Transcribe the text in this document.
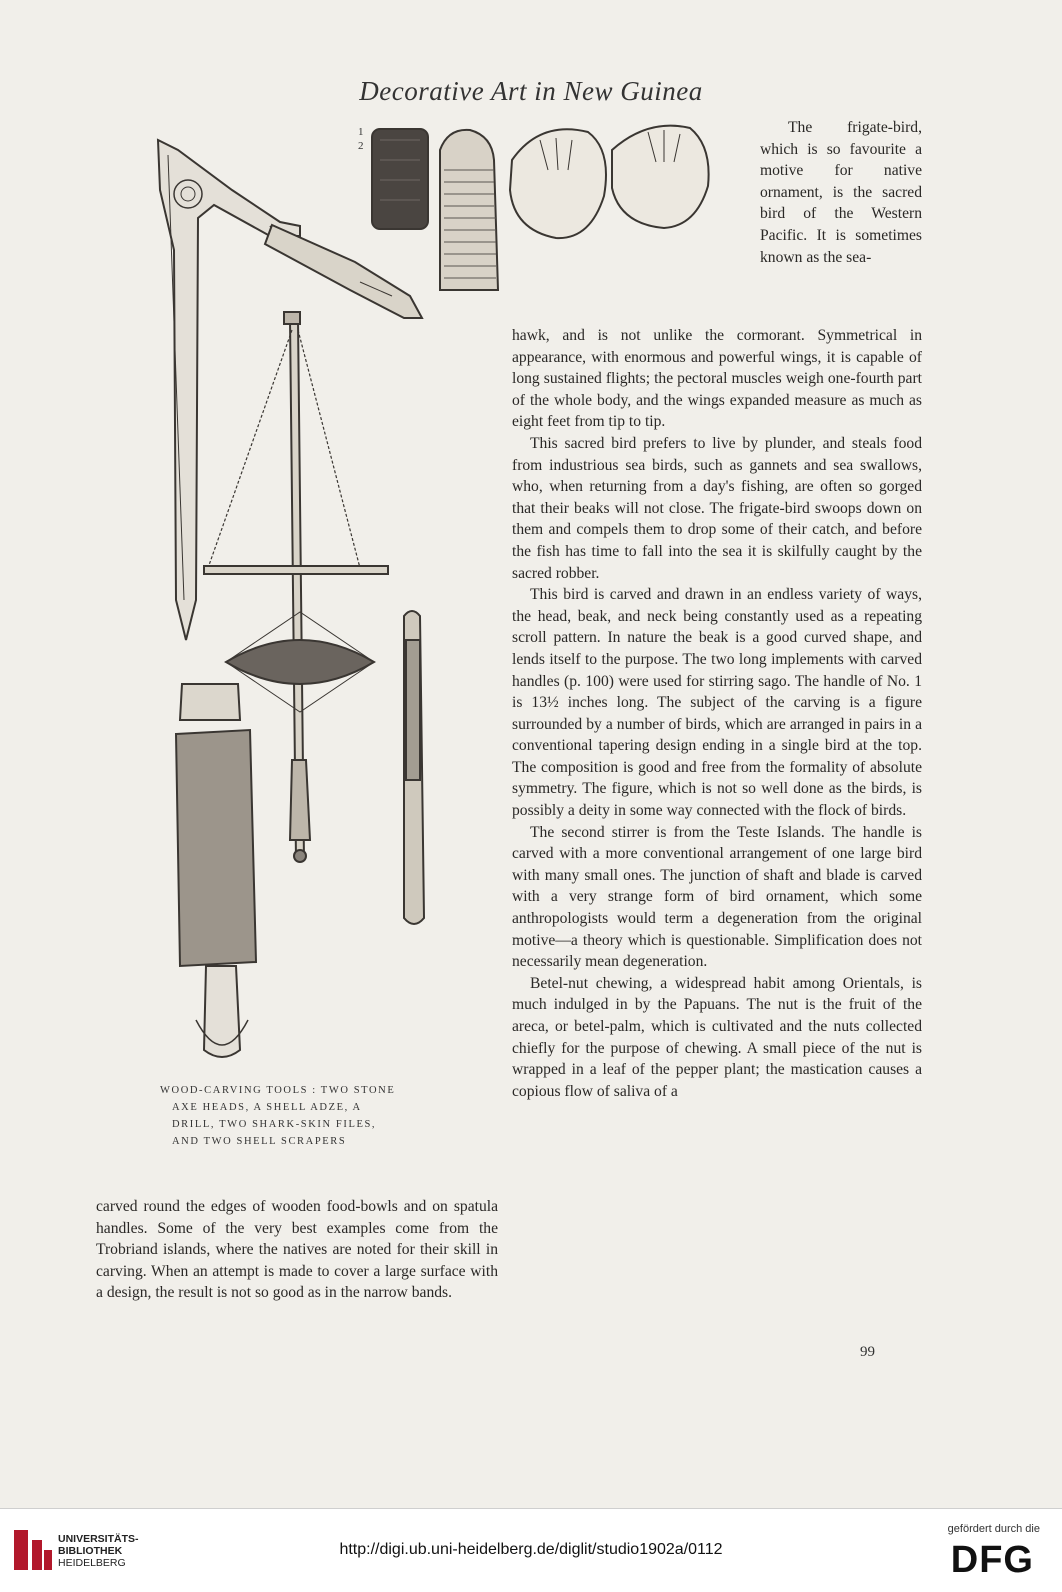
Decorative Art in New Guinea
1
2

The frigate-bird, which is so favourite a motive for native ornament, is the sacred bird of the Western Pacific. It is sometimes known as the sea-

hawk, and is not unlike the cormorant. Symmetrical in appearance, with enormous and powerful wings, it is capable of long sustained flights; the pectoral muscles weigh one-fourth part of the whole body, and the wings expanded measure as much as eight feet from tip to tip.

This sacred bird prefers to live by plunder, and steals food from industrious sea birds, such as gannets and sea swallows, who, when returning from a day's fishing, are often so gorged that their beaks will not close. The frigate-bird swoops down on them and compels them to drop some of their catch, and before the fish has time to fall into the sea it is skilfully caught by the sacred robber.

This bird is carved and drawn in an endless variety of ways, the head, beak, and neck being constantly used as a repeating scroll pattern. In nature the beak is a good curved shape, and lends itself to the purpose. The two long implements with carved handles (p. 100) were used for stirring sago. The handle of No. 1 is 13½ inches long. The subject of the carving is a figure surrounded by a number of birds, which are arranged in pairs in a conventional tapering design ending in a single bird at the top. The composition is good and free from the formality of absolute symmetry. The figure, which is not so well done as the birds, is possibly a deity in some way connected with the flock of birds.

The second stirrer is from the Teste Islands. The handle is carved with a more conventional arrangement of one large bird with many small ones. The junction of shaft and blade is carved with a very strange form of bird ornament, which some anthropologists would term a degeneration from the original motive—a theory which is questionable. Simplification does not necessarily mean degeneration.

Betel-nut chewing, a widespread habit among Orientals, is much indulged in by the Papuans. The nut is the fruit of the areca, or betel-palm, which is cultivated and the nuts collected chiefly for the purpose of chewing. A small piece of the nut is wrapped in a leaf of the pepper plant; the mastication causes a copious flow of saliva of a

WOOD-CARVING TOOLS : TWO STONE
AXE HEADS, A SHELL ADZE, A
DRILL, TWO SHARK-SKIN FILES,
AND TWO SHELL SCRAPERS

carved round the edges of wooden food-bowls and on spatula handles. Some of the very best examples come from the Trobriand islands, where the natives are noted for their skill in carving. When an attempt is made to cover a large surface with a design, the result is not so good as in the narrow bands.

99
UNIVERSITÄTS-
BIBLIOTHEK
HEIDELBERG
http://digi.ub.uni-heidelberg.de/diglit/studio1902a/0112
gefördert durch die
DFG
